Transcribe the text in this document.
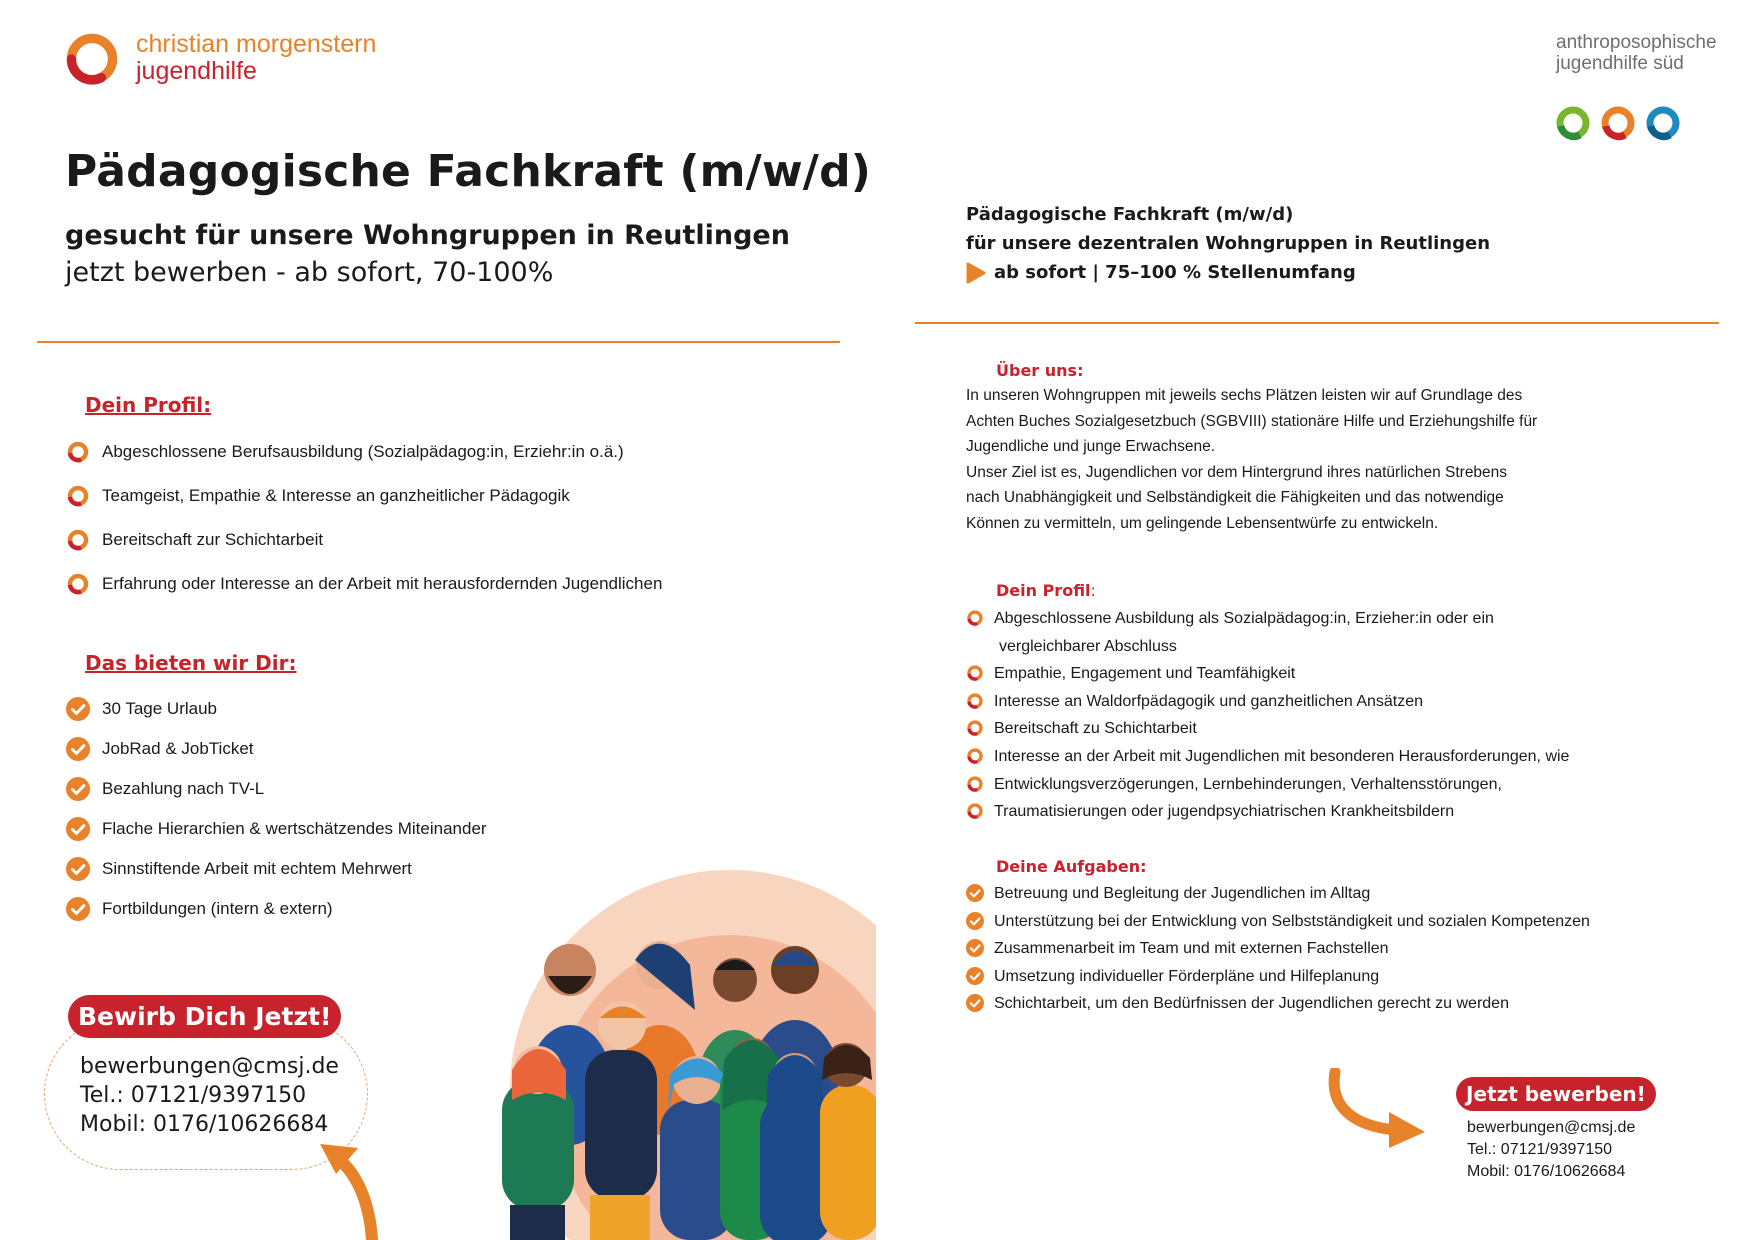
christian morgenstern
jugendhilfe
anthroposophische
jugendhilfe süd
Pädagogische Fachkraft (m/w/d)
gesucht für unsere Wohngruppen in Reutlingen
jetzt bewerben - ab sofort, 70-100%
Dein Profil:
Abgeschlossene Berufsausbildung (Sozialpädagog:in, Erziehr:in o.ä.)
Teamgeist, Empathie & Interesse an ganzheitlicher Pädagogik
Bereitschaft zur Schichtarbeit
Erfahrung oder Interesse an der Arbeit mit herausfordernden Jugendlichen
Das bieten wir Dir:
30 Tage Urlaub
JobRad & JobTicket
Bezahlung nach TV-L
Flache Hierarchien & wertschätzendes Miteinander
Sinnstiftende Arbeit mit echtem Mehrwert
Fortbildungen (intern & extern)
Bewirb Dich Jetzt!
bewerbungen@cmsj.de
Tel.: 07121/9397150
Mobil: 0176/10626684
Pädagogische Fachkraft (m/w/d)
für unsere dezentralen Wohngruppen in Reutlingen
ab sofort | 75–100 % Stellenumfang
Über uns:
In unseren Wohngruppen mit jeweils sechs Plätzen leisten wir auf Grundlage des
Achten Buches Sozialgesetzbuch (SGBVIII) stationäre Hilfe und Erziehungshilfe für
Jugendliche und junge Erwachsene.
Unser Ziel ist es, Jugendlichen vor dem Hintergrund ihres natürlichen Strebens
nach Unabhängigkeit und Selbständigkeit die Fähigkeiten und das notwendige
Können zu vermitteln, um gelingende Lebensentwürfe zu entwickeln.
Dein Profil:
Abgeschlossene Ausbildung als Sozialpädagog:in, Erzieher:in oder ein
vergleichbarer Abschluss
Empathie, Engagement und Teamfähigkeit
Interesse an Waldorfpädagogik und ganzheitlichen Ansätzen
Bereitschaft zu Schichtarbeit
Interesse an der Arbeit mit Jugendlichen mit besonderen Herausforderungen, wie
Entwicklungsverzögerungen, Lernbehinderungen, Verhaltensstörungen,
Traumatisierungen oder jugendpsychiatrischen Krankheitsbildern
Deine Aufgaben:
Betreuung und Begleitung der Jugendlichen im Alltag
Unterstützung bei der Entwicklung von Selbstständigkeit und sozialen Kompetenzen
Zusammenarbeit im Team und mit externen Fachstellen
Umsetzung individueller Förderpläne und Hilfeplanung
Schichtarbeit, um den Bedürfnissen der Jugendlichen gerecht zu werden
Jetzt bewerben!
bewerbungen@cmsj.de
Tel.: 07121/9397150
Mobil: 0176/10626684
